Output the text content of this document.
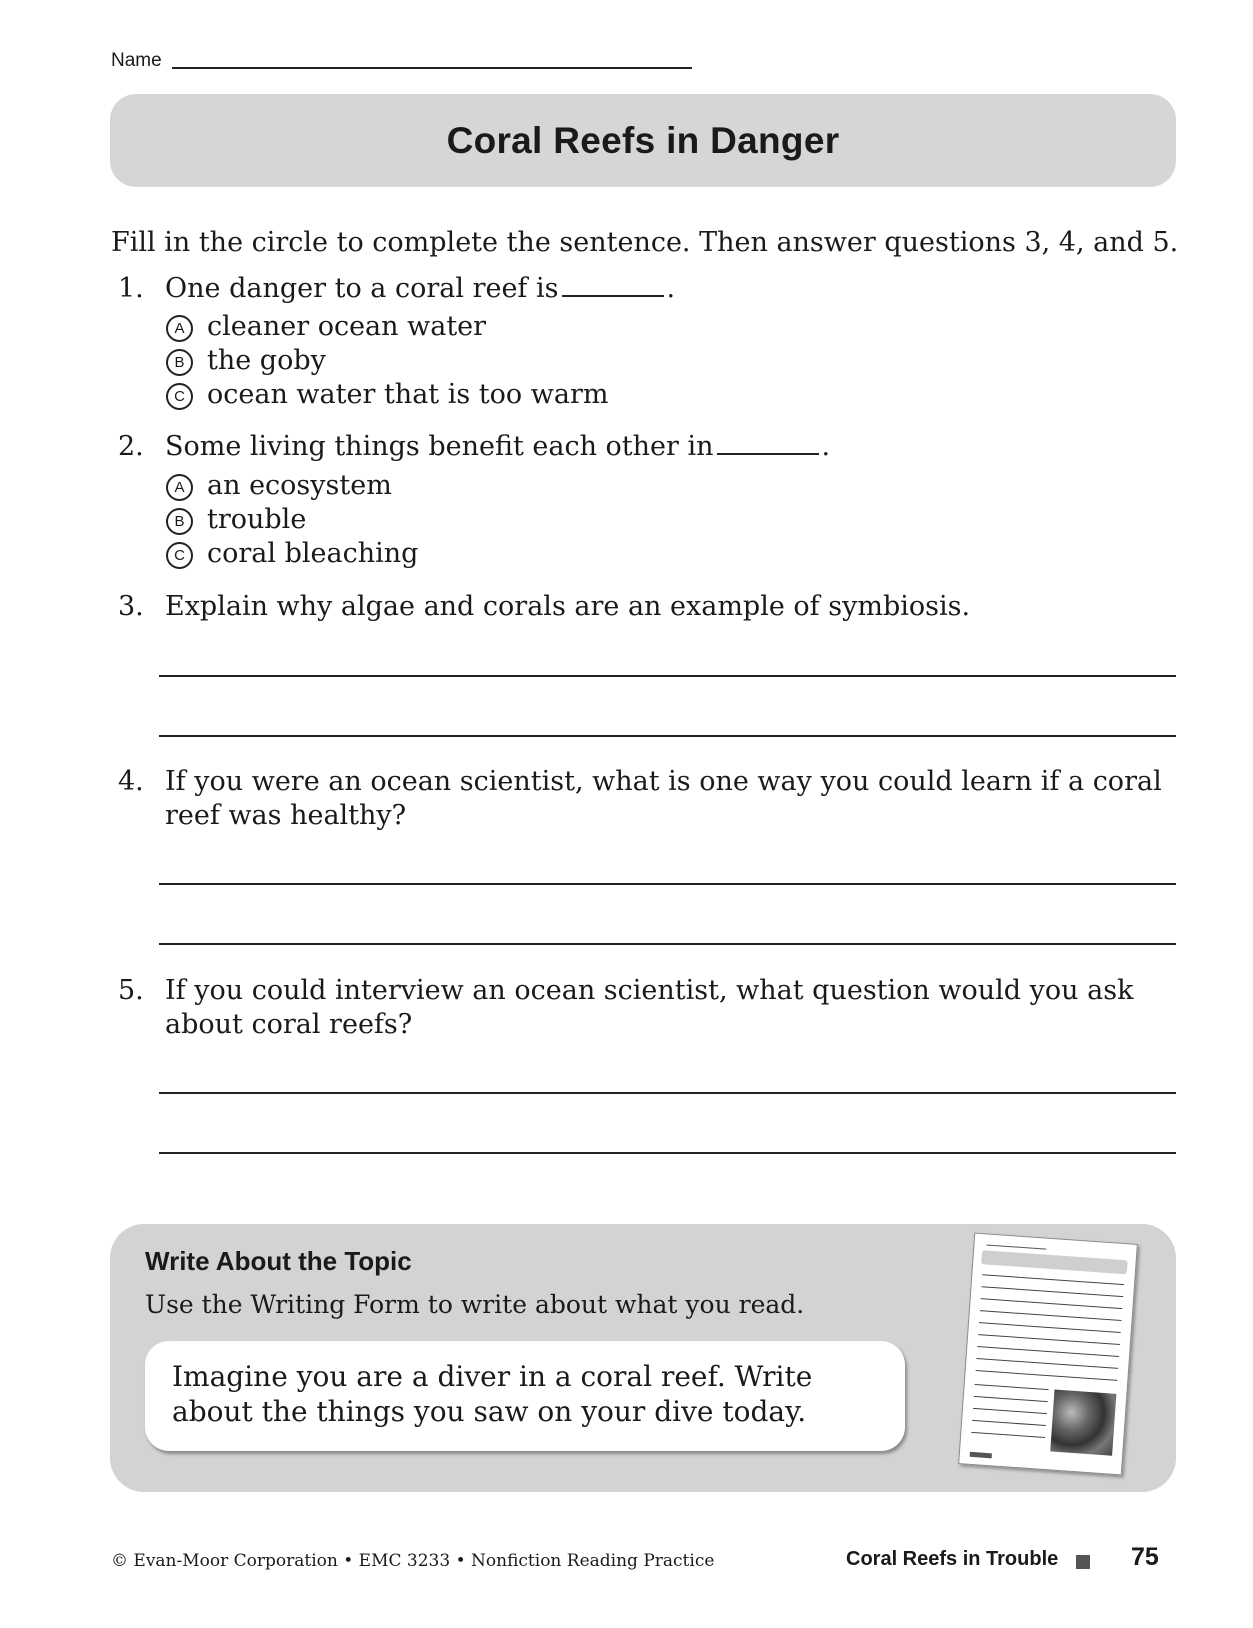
Name
Coral Reefs in Danger
Fill in the circle to complete the sentence. Then answer questions 3, 4, and 5.
1. One danger to a coral reef is	.
A cleaner ocean water
B the goby
C ocean water that is too warm
2. Some living things benefit each other in	.
A an ecosystem
B trouble
C coral bleaching
3. Explain why algae and corals are an example of symbiosis.
4. If you were an ocean scientist, what is one way you could learn if a coral reef was healthy?
5. If you could interview an ocean scientist, what question would you ask about coral reefs?
Write About the Topic
Use the Writing Form to write about what you read.

Imagine you are a diver in a coral reef. Write about the things you saw on your dive today.

© Evan-Moor Corporation • EMC 3233 • Nonfiction Reading Practice	Coral Reefs in Trouble	75
